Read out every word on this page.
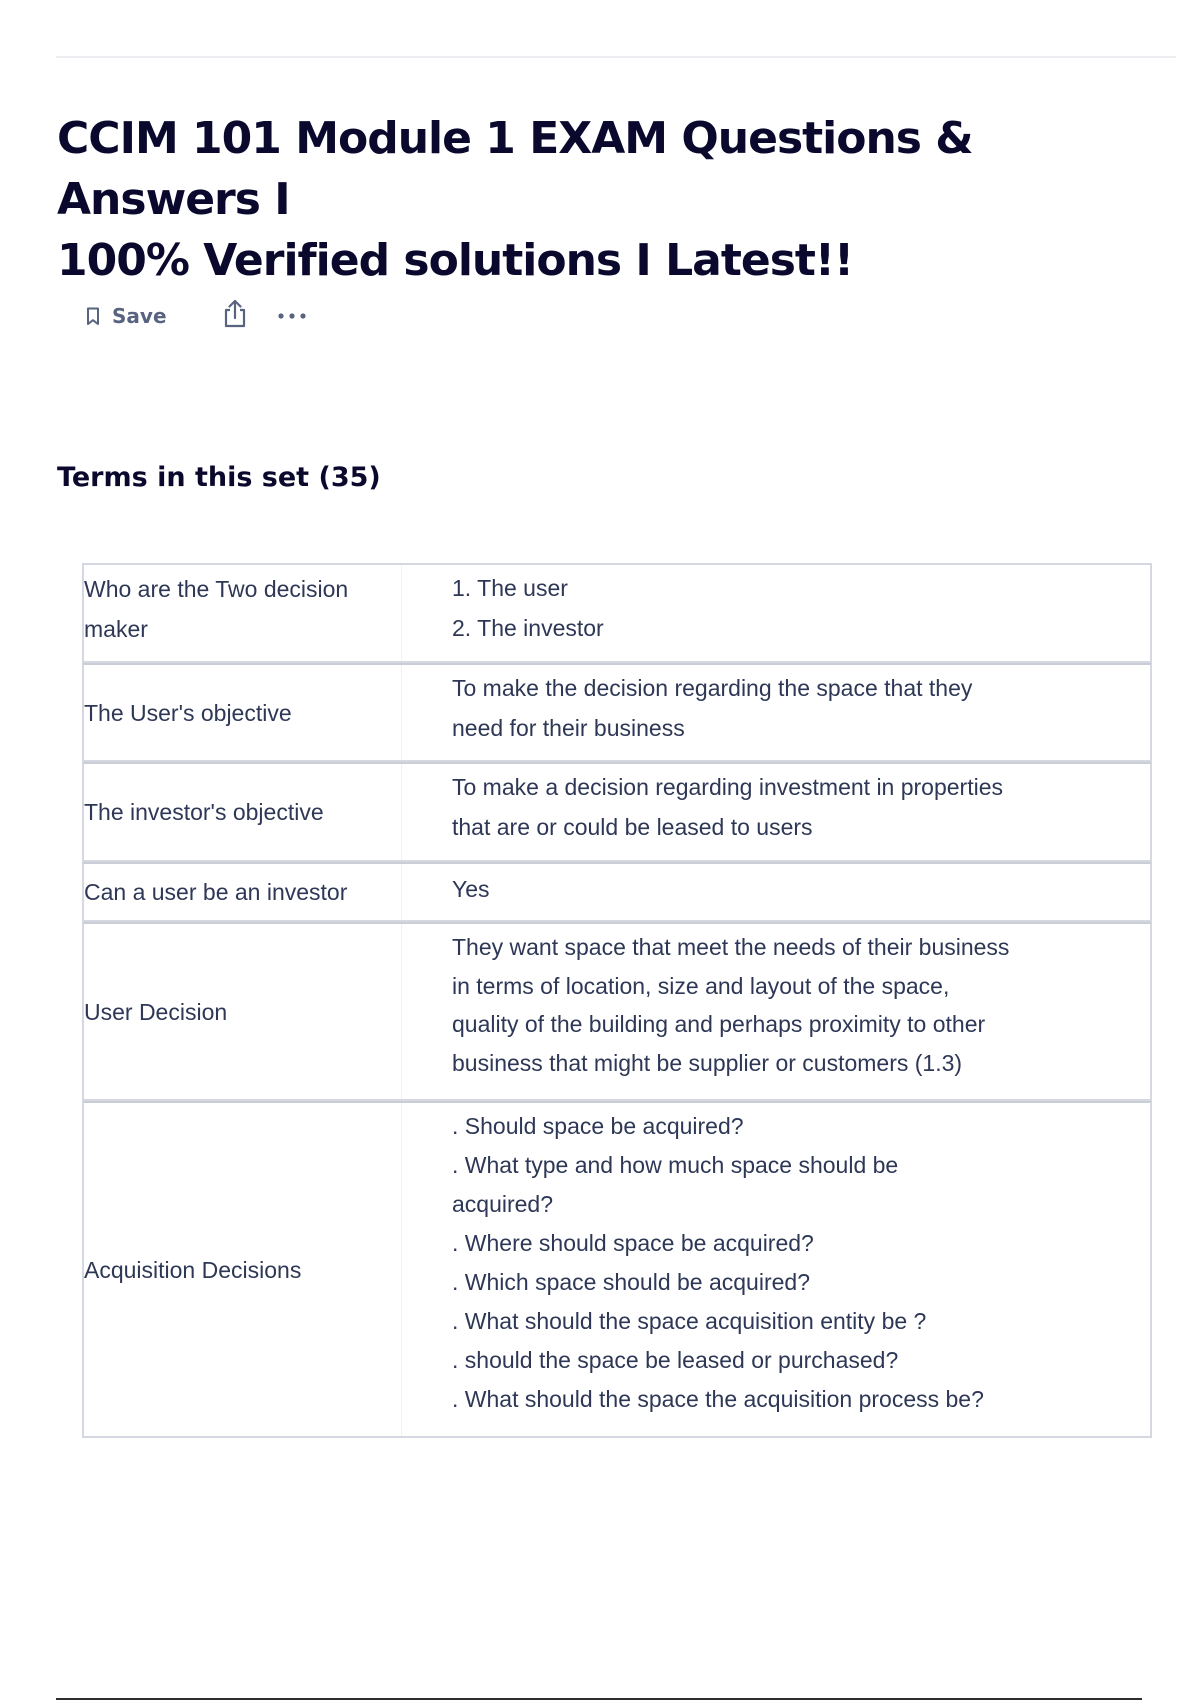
CCIM 101 Module 1 EXAM Questions & Answers I
100% Verified solutions I Latest!!
Save
Terms in this set (35)
Who are the Two decision
maker
1. The user
2. The investor
The User's objective
To make the decision regarding the space that they
need for their business
The investor's objective
To make a decision regarding investment in properties
that are or could be leased to users
Can a user be an investor	Yes
User Decision
They want space that meet the needs of their business
in terms of location, size and layout of the space,
quality of the building and perhaps proximity to other
business that might be supplier or customers (1.3)
Acquisition Decisions
. Should space be acquired?
. What type and how much space should be
acquired?
. Where should space be acquired?
. Which space should be acquired?
. What should the space acquisition entity be ?
. should the space be leased or purchased?
. What should the space the acquisition process be?
